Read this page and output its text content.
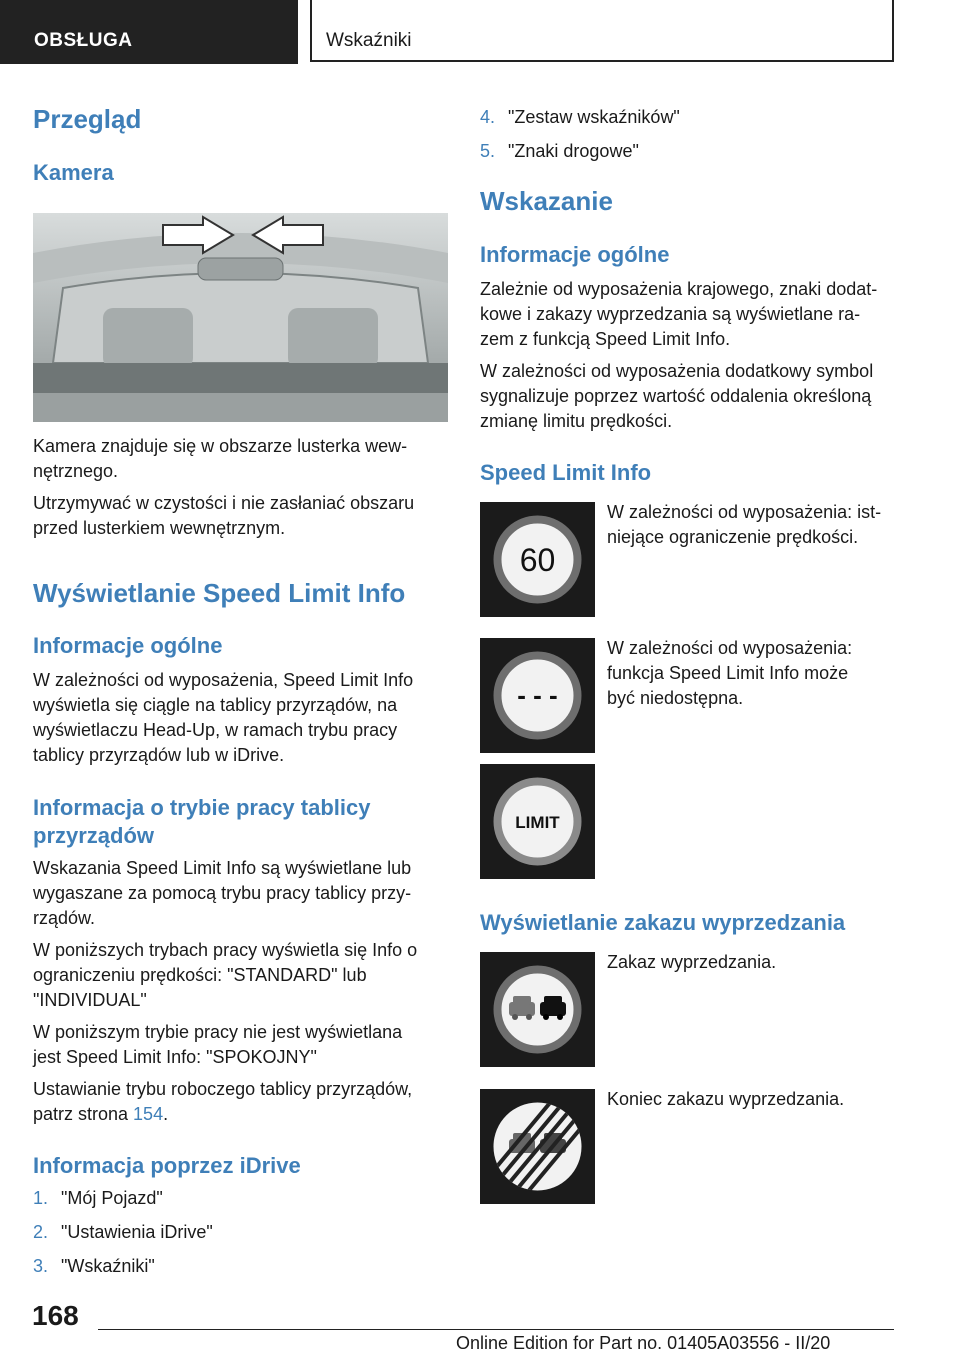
OBSŁUGA	Wskaźniki
Przegląd
Kamera

Kamera znajduje się w obszarze lusterka wew-
nętrznego.

Utrzymywać w czystości i nie zasłaniać obszaru
przed lusterkiem wewnętrznym.

Wyświetlanie Speed Limit Info
Informacje ogólne

W zależności od wyposażenia, Speed Limit Info
wyświetla się ciągle na tablicy przyrządów, na
wyświetlaczu Head-Up, w ramach trybu pracy
tablicy przyrządów lub w iDrive.

Informacja o trybie pracy tablicy
przyrządów

Wskazania Speed Limit Info są wyświetlane lub
wygaszane za pomocą trybu pracy tablicy przy-
rządów.

W poniższych trybach pracy wyświetla się Info o
ograniczeniu prędkości: "STANDARD" lub
"INDIVIDUAL"

W poniższym trybie pracy nie jest wyświetlana
jest Speed Limit Info: "SPOKOJNY"

Ustawianie trybu roboczego tablicy przyrządów,
patrz strona 154.

Informacja poprzez iDrive

1. "Mój Pojazd"

2. "Ustawienia iDrive"

3. "Wskaźniki"

4. "Zestaw wskaźników"

5. "Znaki drogowe"

Wskazanie
Informacje ogólne

Zależnie od wyposażenia krajowego, znaki dodat-
kowe i zakazy wyprzedzania są wyświetlane ra-
zem z funkcją Speed Limit Info.

W zależności od wyposażenia dodatkowy symbol
sygnalizuje poprzez wartość oddalenia określoną
zmianę limitu prędkości.

Speed Limit Info
60

W zależności od wyposażenia: ist-
niejące ograniczenie prędkości.

- - -

W zależności od wyposażenia:
funkcja Speed Limit Info może
być niedostępna.

LIMIT
Wyświetlanie zakazu wyprzedzania

Zakaz wyprzedzania.

Koniec zakazu wyprzedzania.

168
Online Edition for Part no. 01405A03556 - II/20
